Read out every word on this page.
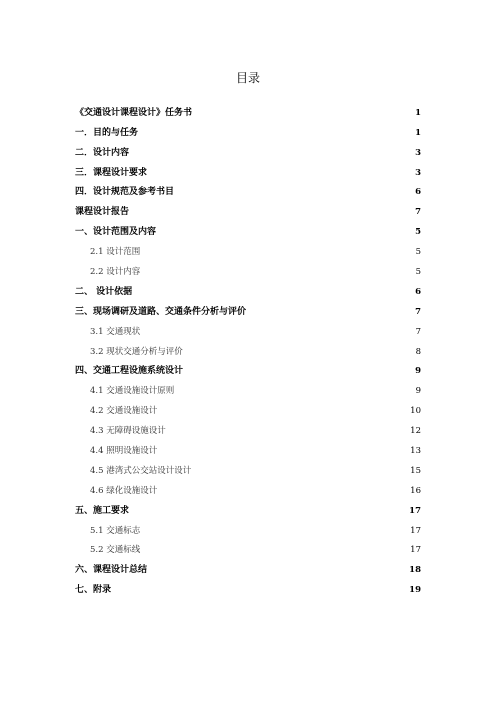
目录
《交通设计课程设计》任务书	1
一．目的与任务	1
二．设计内容	3
三．课程设计要求	3
四．设计规范及参考书目	6
课程设计报告	7
一、设计范围及内容	5
2.1 设计范围	5
2.2 设计内容	5
二、 设计依据	6
三、现场调研及道路、交通条件分析与评价	7
3.1 交通现状	7
3.2 现状交通分析与评价	8
四、交通工程设施系统设计	9
4.1 交通设施设计原则	9
4.2 交通设施设计	10
4.3 无障碍设施设计	12
4.4 照明设施设计	13
4.5 港湾式公交站设计设计	15
4.6 绿化设施设计	16
五、施工要求	17
5.1 交通标志	17
5.2 交通标线	17
六、课程设计总结	18
七、附录	19
